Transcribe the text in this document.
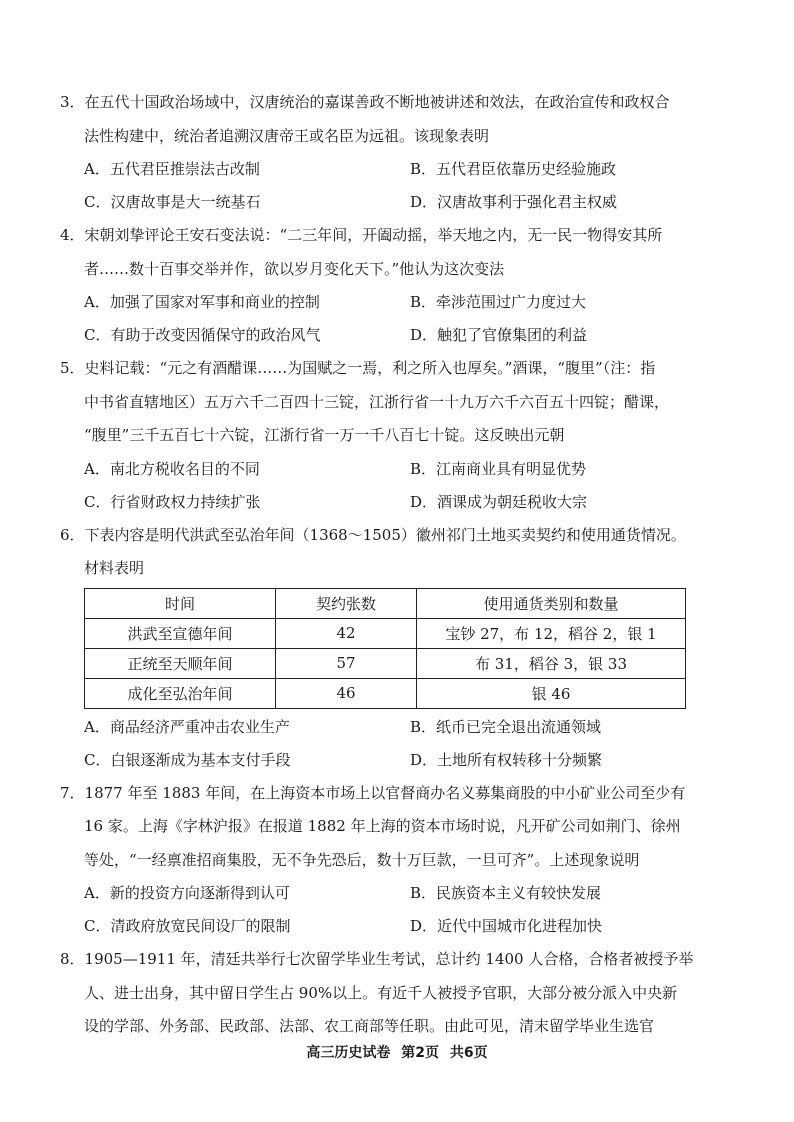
3．在五代十国政治场域中，汉唐统治的嘉谋善政不断地被讲述和效法，在政治宣传和政权合

法性构建中，统治者追溯汉唐帝王或名臣为远祖。该现象表明

A．五代君臣推崇法古改制	B．五代君臣依靠历史经验施政
C．汉唐故事是大一统基石	D．汉唐故事利于强化君主权威

4．宋朝刘挚评论王安石变法说：“二三年间，开阖动摇，举天地之内，无一民一物得安其所

者……数十百事交举并作，欲以岁月变化天下。”他认为这次变法

A．加强了国家对军事和商业的控制	B．牵涉范围过广力度过大
C．有助于改变因循保守的政治风气	D．触犯了官僚集团的利益

5．史料记载：“元之有酒醋课……为国赋之一焉，利之所入也厚矣。”酒课，“腹里”（注：指

中书省直辖地区）五万六千二百四十三锭，江浙行省一十九万六千六百五十四锭；醋课，

“腹里”三千五百七十六锭，江浙行省一万一千八百七十锭。这反映出元朝

A．南北方税收名目的不同	B．江南商业具有明显优势
C．行省财政权力持续扩张	D．酒课成为朝廷税收大宗

6．下表内容是明代洪武至弘治年间（1368～1505）徽州祁门土地买卖契约和使用通货情况。

材料表明

时间	契约张数	使用通货类别和数量
洪武至宣德年间	42	宝钞 27，布 12，稻谷 2，银 1
正统至天顺年间	57	布 31，稻谷 3，银 33
成化至弘治年间	46	银 46
A．商品经济严重冲击农业生产	B．纸币已完全退出流通领域
C．白银逐渐成为基本支付手段	D．土地所有权转移十分频繁

7．1877 年至 1883 年间，在上海资本市场上以官督商办名义募集商股的中小矿业公司至少有

16 家。上海《字林沪报》在报道 1882 年上海的资本市场时说，凡开矿公司如荆门、徐州

等处，“一经禀准招商集股，无不争先恐后，数十万巨款，一旦可齐”。上述现象说明

A．新的投资方向逐渐得到认可	B．民族资本主义有较快发展
C．清政府放宽民间设厂的限制	D．近代中国城市化进程加快

8．1905—1911 年，清廷共举行七次留学毕业生考试，总计约 1400 人合格，合格者被授予举

人、进士出身，其中留日学生占 90%以上。有近千人被授予官职，大部分被分派入中央新

设的学部、外务部、民政部、法部、农工商部等任职。由此可见，清末留学毕业生选官

高三历史试卷 第2页 共6页
